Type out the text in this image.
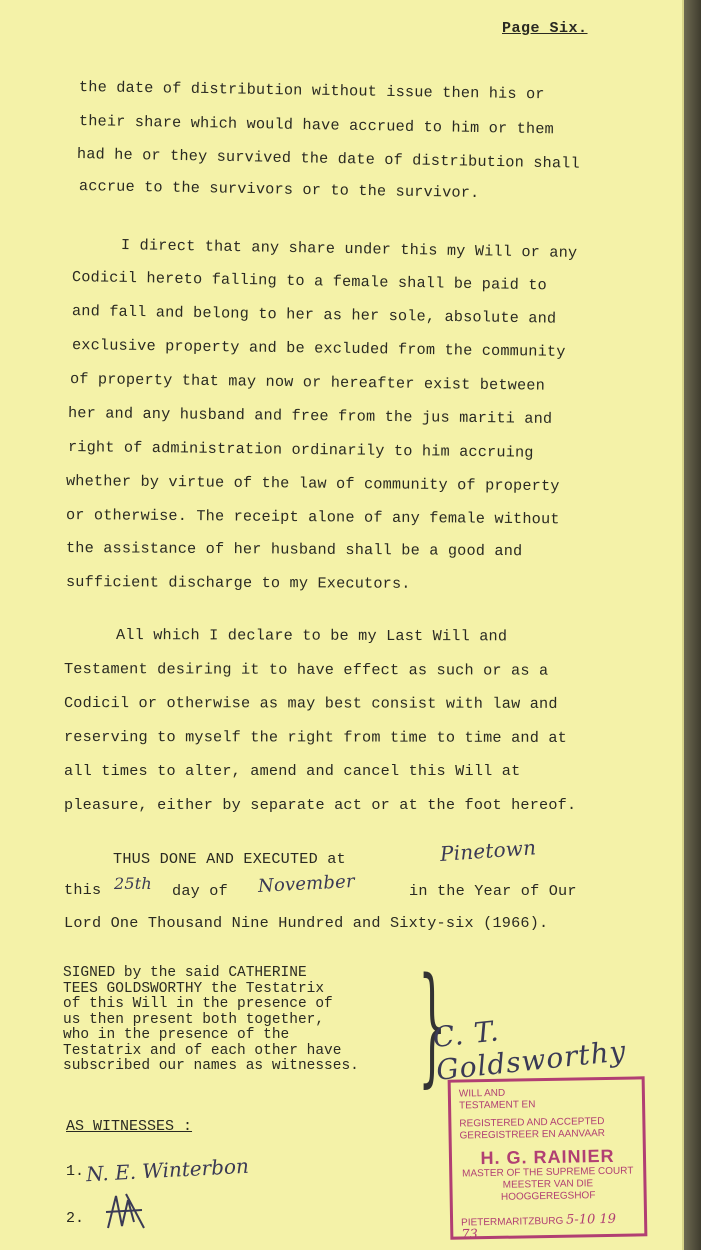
Page Six.
the date of distribution without issue then his or
their share which would have accrued to him or them
had he or they survived the date of distribution shall
accrue to the survivors or to the survivor.
I direct that any share under this my Will or any
Codicil hereto falling to a female shall be paid to
and fall and belong to her as her sole, absolute and
exclusive property and be excluded from the community
of property that may now or hereafter exist between
her and any husband and free from the jus mariti and
right of administration ordinarily to him accruing
whether by virtue of the law of community of property
or otherwise. The receipt alone of any female without
the assistance of her husband shall be a good and
sufficient discharge to my Executors.
All which I declare to be my Last Will and
Testament desiring it to have effect as such or as a
Codicil or otherwise as may best consist with law and
reserving to myself the right from time to time and at
all times to alter, amend and cancel this Will at
pleasure, either by separate act or at the foot hereof.
THUS DONE AND EXECUTED at	Pinetown
this 25th day of November	in the Year of Our
Lord One Thousand Nine Hundred and Sixty-six (1966).
SIGNED by the said CATHERINE
TEES GOLDSWORTHY the Testatrix
of this Will in the presence of
us then present both together,
who in the presence of the
Testatrix and of each other have
subscribed our names as witnesses. }
C. T. Goldsworthy
AS WITNESSES :
1. N. E. Winterbon
2.
WILL AND
TESTAMENT EN
REGISTERED AND ACCEPTED
GEREGISTREER EN AANVAAR
H. G. RAINIER
MASTER OF THE SUPREME COURT
MEESTER VAN DIE HOOGGEREGSHOF
PIETERMARITZBURG 5-10 19 73
